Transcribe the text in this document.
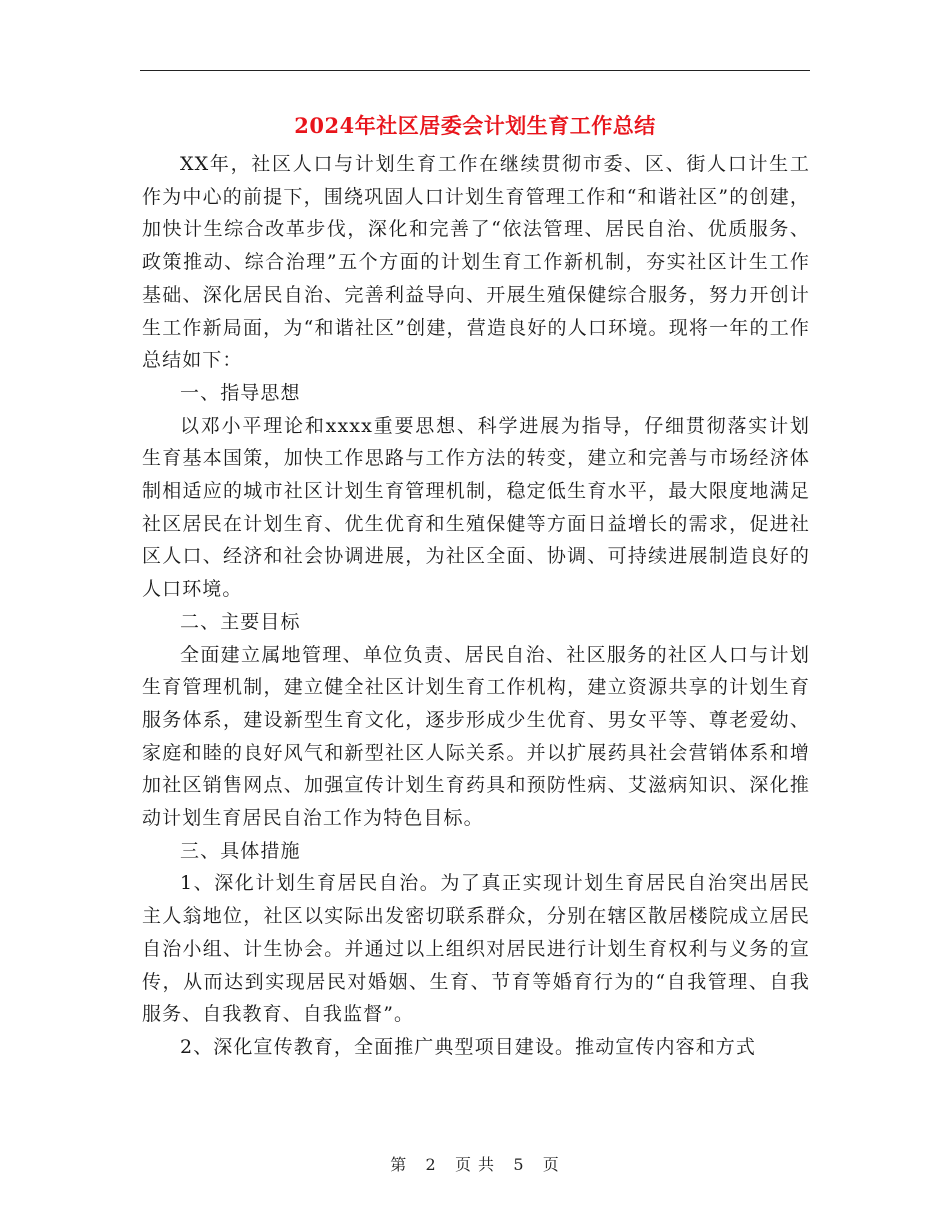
2024年社区居委会计划生育工作总结

XX年，社区人口与计划生育工作在继续贯彻市委、区、街人口计生工作为中心的前提下，围绕巩固人口计划生育管理工作和“和谐社区”的创建，加快计生综合改革步伐，深化和完善了“依法管理、居民自治、优质服务、政策推动、综合治理”五个方面的计划生育工作新机制，夯实社区计生工作基础、深化居民自治、完善利益导向、开展生殖保健综合服务，努力开创计生工作新局面，为“和谐社区”创建，营造良好的人口环境。现将一年的工作总结如下：

一、指导思想

以邓小平理论和xxxx重要思想、科学进展为指导，仔细贯彻落实计划生育基本国策，加快工作思路与工作方法的转变，建立和完善与市场经济体制相适应的城市社区计划生育管理机制，稳定低生育水平，最大限度地满足社区居民在计划生育、优生优育和生殖保健等方面日益增长的需求，促进社区人口、经济和社会协调进展，为社区全面、协调、可持续进展制造良好的人口环境。

二、主要目标

全面建立属地管理、单位负责、居民自治、社区服务的社区人口与计划生育管理机制，建立健全社区计划生育工作机构，建立资源共享的计划生育服务体系，建设新型生育文化，逐步形成少生优育、男女平等、尊老爱幼、家庭和睦的良好风气和新型社区人际关系。并以扩展药具社会营销体系和增加社区销售网点、加强宣传计划生育药具和预防性病、艾滋病知识、深化推动计划生育居民自治工作为特色目标。

三、具体措施

1、深化计划生育居民自治。为了真正实现计划生育居民自治突出居民主人翁地位，社区以实际出发密切联系群众，分别在辖区散居楼院成立居民自治小组、计生协会。并通过以上组织对居民进行计划生育权利与义务的宣传，从而达到实现居民对婚姻、生育、节育等婚育行为的“自我管理、自我服务、自我教育、自我监督”。

2、深化宣传教育，全面推广典型项目建设。推动宣传内容和方式

第 2 页 共 5 页
